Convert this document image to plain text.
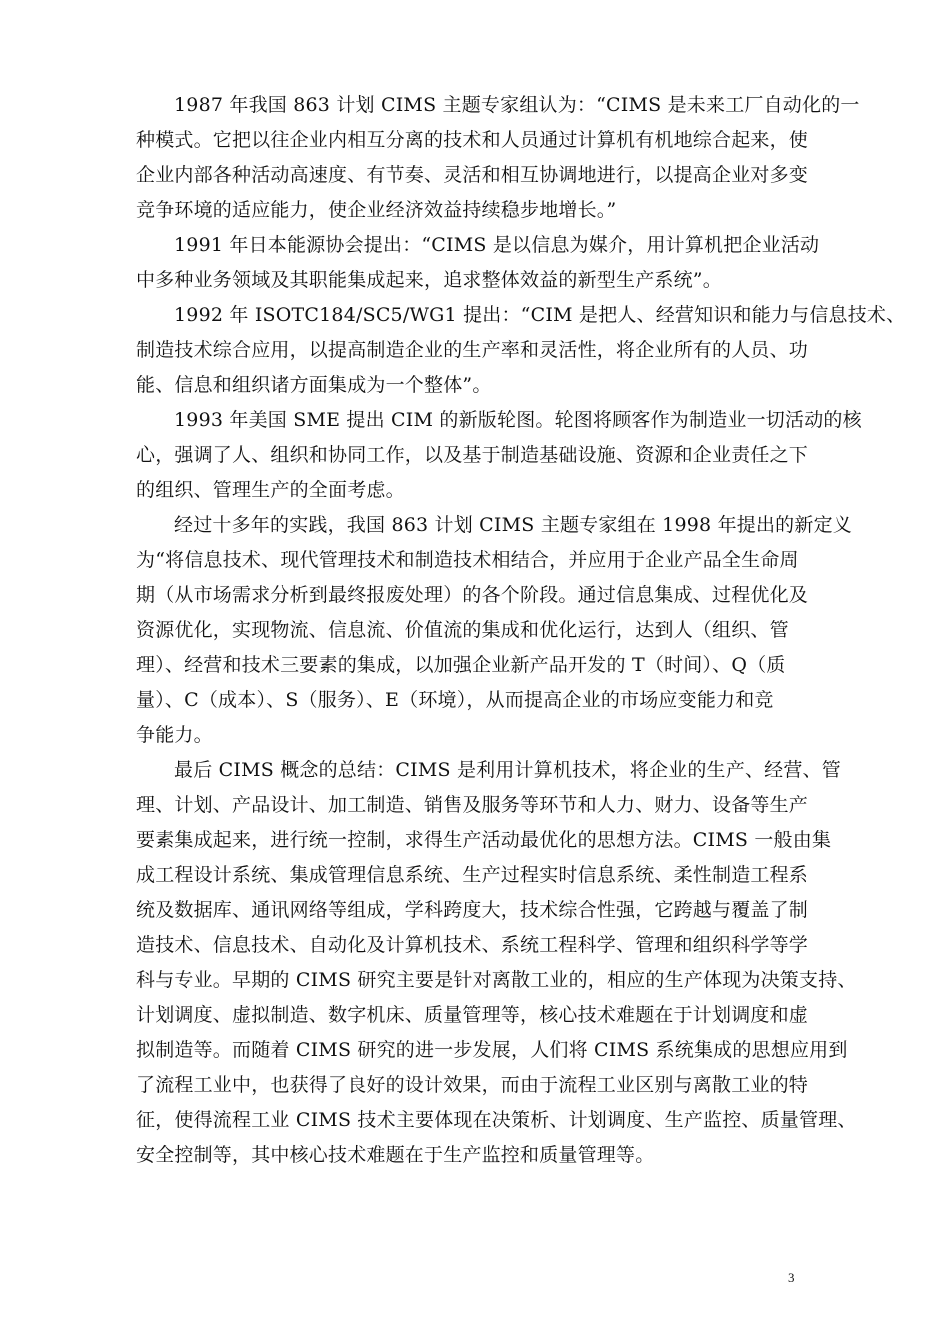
1987 年我国 863 计划 CIMS 主题专家组认为：“CIMS 是未来工厂自动化的一
种模式。它把以往企业内相互分离的技术和人员通过计算机有机地综合起来，使
企业内部各种活动高速度、有节奏、灵活和相互协调地进行，以提高企业对多变
竞争环境的适应能力，使企业经济效益持续稳步地增长。”

1991 年日本能源协会提出：“CIMS 是以信息为媒介，用计算机把企业活动
中多种业务领域及其职能集成起来，追求整体效益的新型生产系统”。

1992 年 ISOTC184/SC5/WG1 提出：“CIM 是把人、经营知识和能力与信息技术、
制造技术综合应用，以提高制造企业的生产率和灵活性，将企业所有的人员、功
能、信息和组织诸方面集成为一个整体”。

1993 年美国 SME 提出 CIM 的新版轮图。轮图将顾客作为制造业一切活动的核
心，强调了人、组织和协同工作，以及基于制造基础设施、资源和企业责任之下
的组织、管理生产的全面考虑。

经过十多年的实践，我国 863 计划 CIMS 主题专家组在 1998 年提出的新定义
为“将信息技术、现代管理技术和制造技术相结合，并应用于企业产品全生命周
期（从市场需求分析到最终报废处理）的各个阶段。通过信息集成、过程优化及
资源优化，实现物流、信息流、价值流的集成和优化运行，达到人（组织、管
理）、经营和技术三要素的集成，以加强企业新产品开发的 T（时间）、Q（质
量）、C（成本）、S（服务）、E（环境），从而提高企业的市场应变能力和竞
争能力。

最后 CIMS 概念的总结：CIMS 是利用计算机技术，将企业的生产、经营、管
理、计划、产品设计、加工制造、销售及服务等环节和人力、财力、设备等生产
要素集成起来，进行统一控制，求得生产活动最优化的思想方法。CIMS 一般由集
成工程设计系统、集成管理信息系统、生产过程实时信息系统、柔性制造工程系
统及数据库、通讯网络等组成，学科跨度大，技术综合性强，它跨越与覆盖了制
造技术、信息技术、自动化及计算机技术、系统工程科学、管理和组织科学等学
科与专业。早期的 CIMS 研究主要是针对离散工业的，相应的生产体现为决策支持、
计划调度、虚拟制造、数字机床、质量管理等，核心技术难题在于计划调度和虚
拟制造等。而随着 CIMS 研究的进一步发展，人们将 CIMS 系统集成的思想应用到
了流程工业中，也获得了良好的设计效果，而由于流程工业区别与离散工业的特
征，使得流程工业 CIMS 技术主要体现在决策析、计划调度、生产监控、质量管理、
安全控制等，其中核心技术难题在于生产监控和质量管理等。

3
